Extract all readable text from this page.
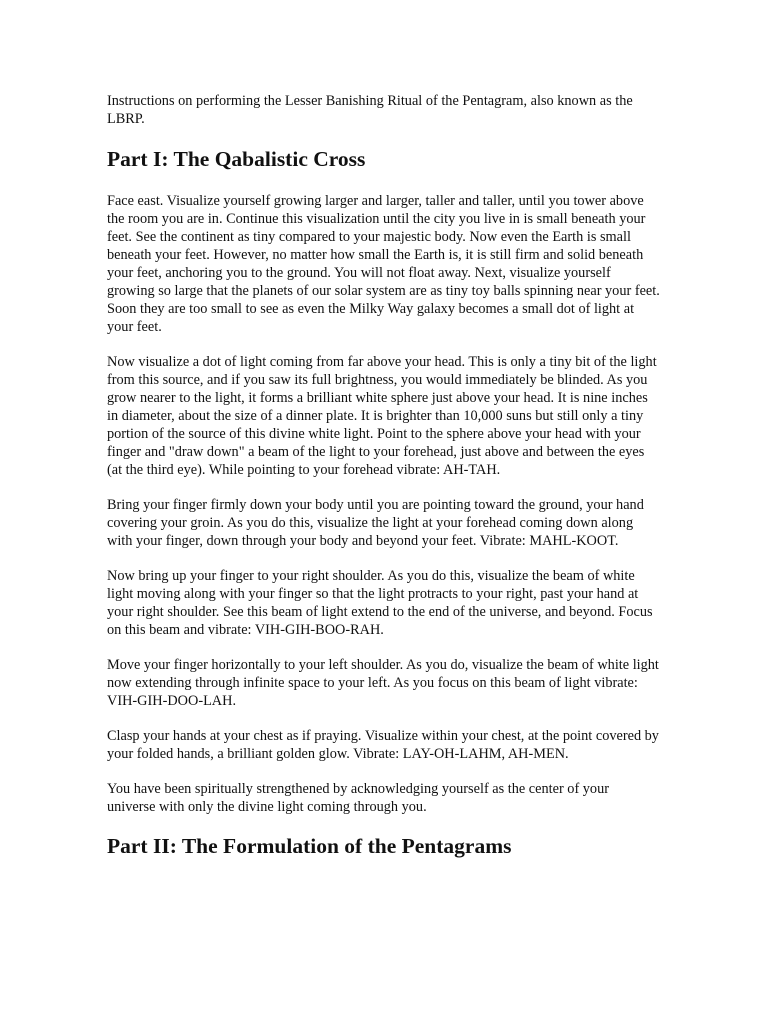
Instructions on performing the Lesser Banishing Ritual of the Pentagram, also known as the LBRP.

Part I: The Qabalistic Cross

Face east. Visualize yourself growing larger and larger, taller and taller, until you tower above the room you are in. Continue this visualization until the city you live in is small beneath your feet. See the continent as tiny compared to your majestic body. Now even the Earth is small beneath your feet. However, no matter how small the Earth is, it is still firm and solid beneath your feet, anchoring you to the ground. You will not float away. Next, visualize yourself growing so large that the planets of our solar system are as tiny toy balls spinning near your feet. Soon they are too small to see as even the Milky Way galaxy becomes a small dot of light at your feet.

Now visualize a dot of light coming from far above your head. This is only a tiny bit of the light from this source, and if you saw its full brightness, you would immediately be blinded. As you grow nearer to the light, it forms a brilliant white sphere just above your head. It is nine inches in diameter, about the size of a dinner plate. It is brighter than 10,000 suns but still only a tiny portion of the source of this divine white light. Point to the sphere above your head with your finger and "draw down" a beam of the light to your forehead, just above and between the eyes (at the third eye). While pointing to your forehead vibrate: AH-TAH.

Bring your finger firmly down your body until you are pointing toward the ground, your hand covering your groin. As you do this, visualize the light at your forehead coming down along with your finger, down through your body and beyond your feet. Vibrate: MAHL-KOOT.

Now bring up your finger to your right shoulder. As you do this, visualize the beam of white light moving along with your finger so that the light protracts to your right, past your hand at your right shoulder. See this beam of light extend to the end of the universe, and beyond. Focus on this beam and vibrate: VIH-GIH-BOO-RAH.

Move your finger horizontally to your left shoulder. As you do, visualize the beam of white light now extending through infinite space to your left. As you focus on this beam of light vibrate: VIH-GIH-DOO-LAH.

Clasp your hands at your chest as if praying. Visualize within your chest, at the point covered by your folded hands, a brilliant golden glow. Vibrate: LAY-OH-LAHM, AH-MEN.

You have been spiritually strengthened by acknowledging yourself as the center of your universe with only the divine light coming through you.

Part II: The Formulation of the Pentagrams
